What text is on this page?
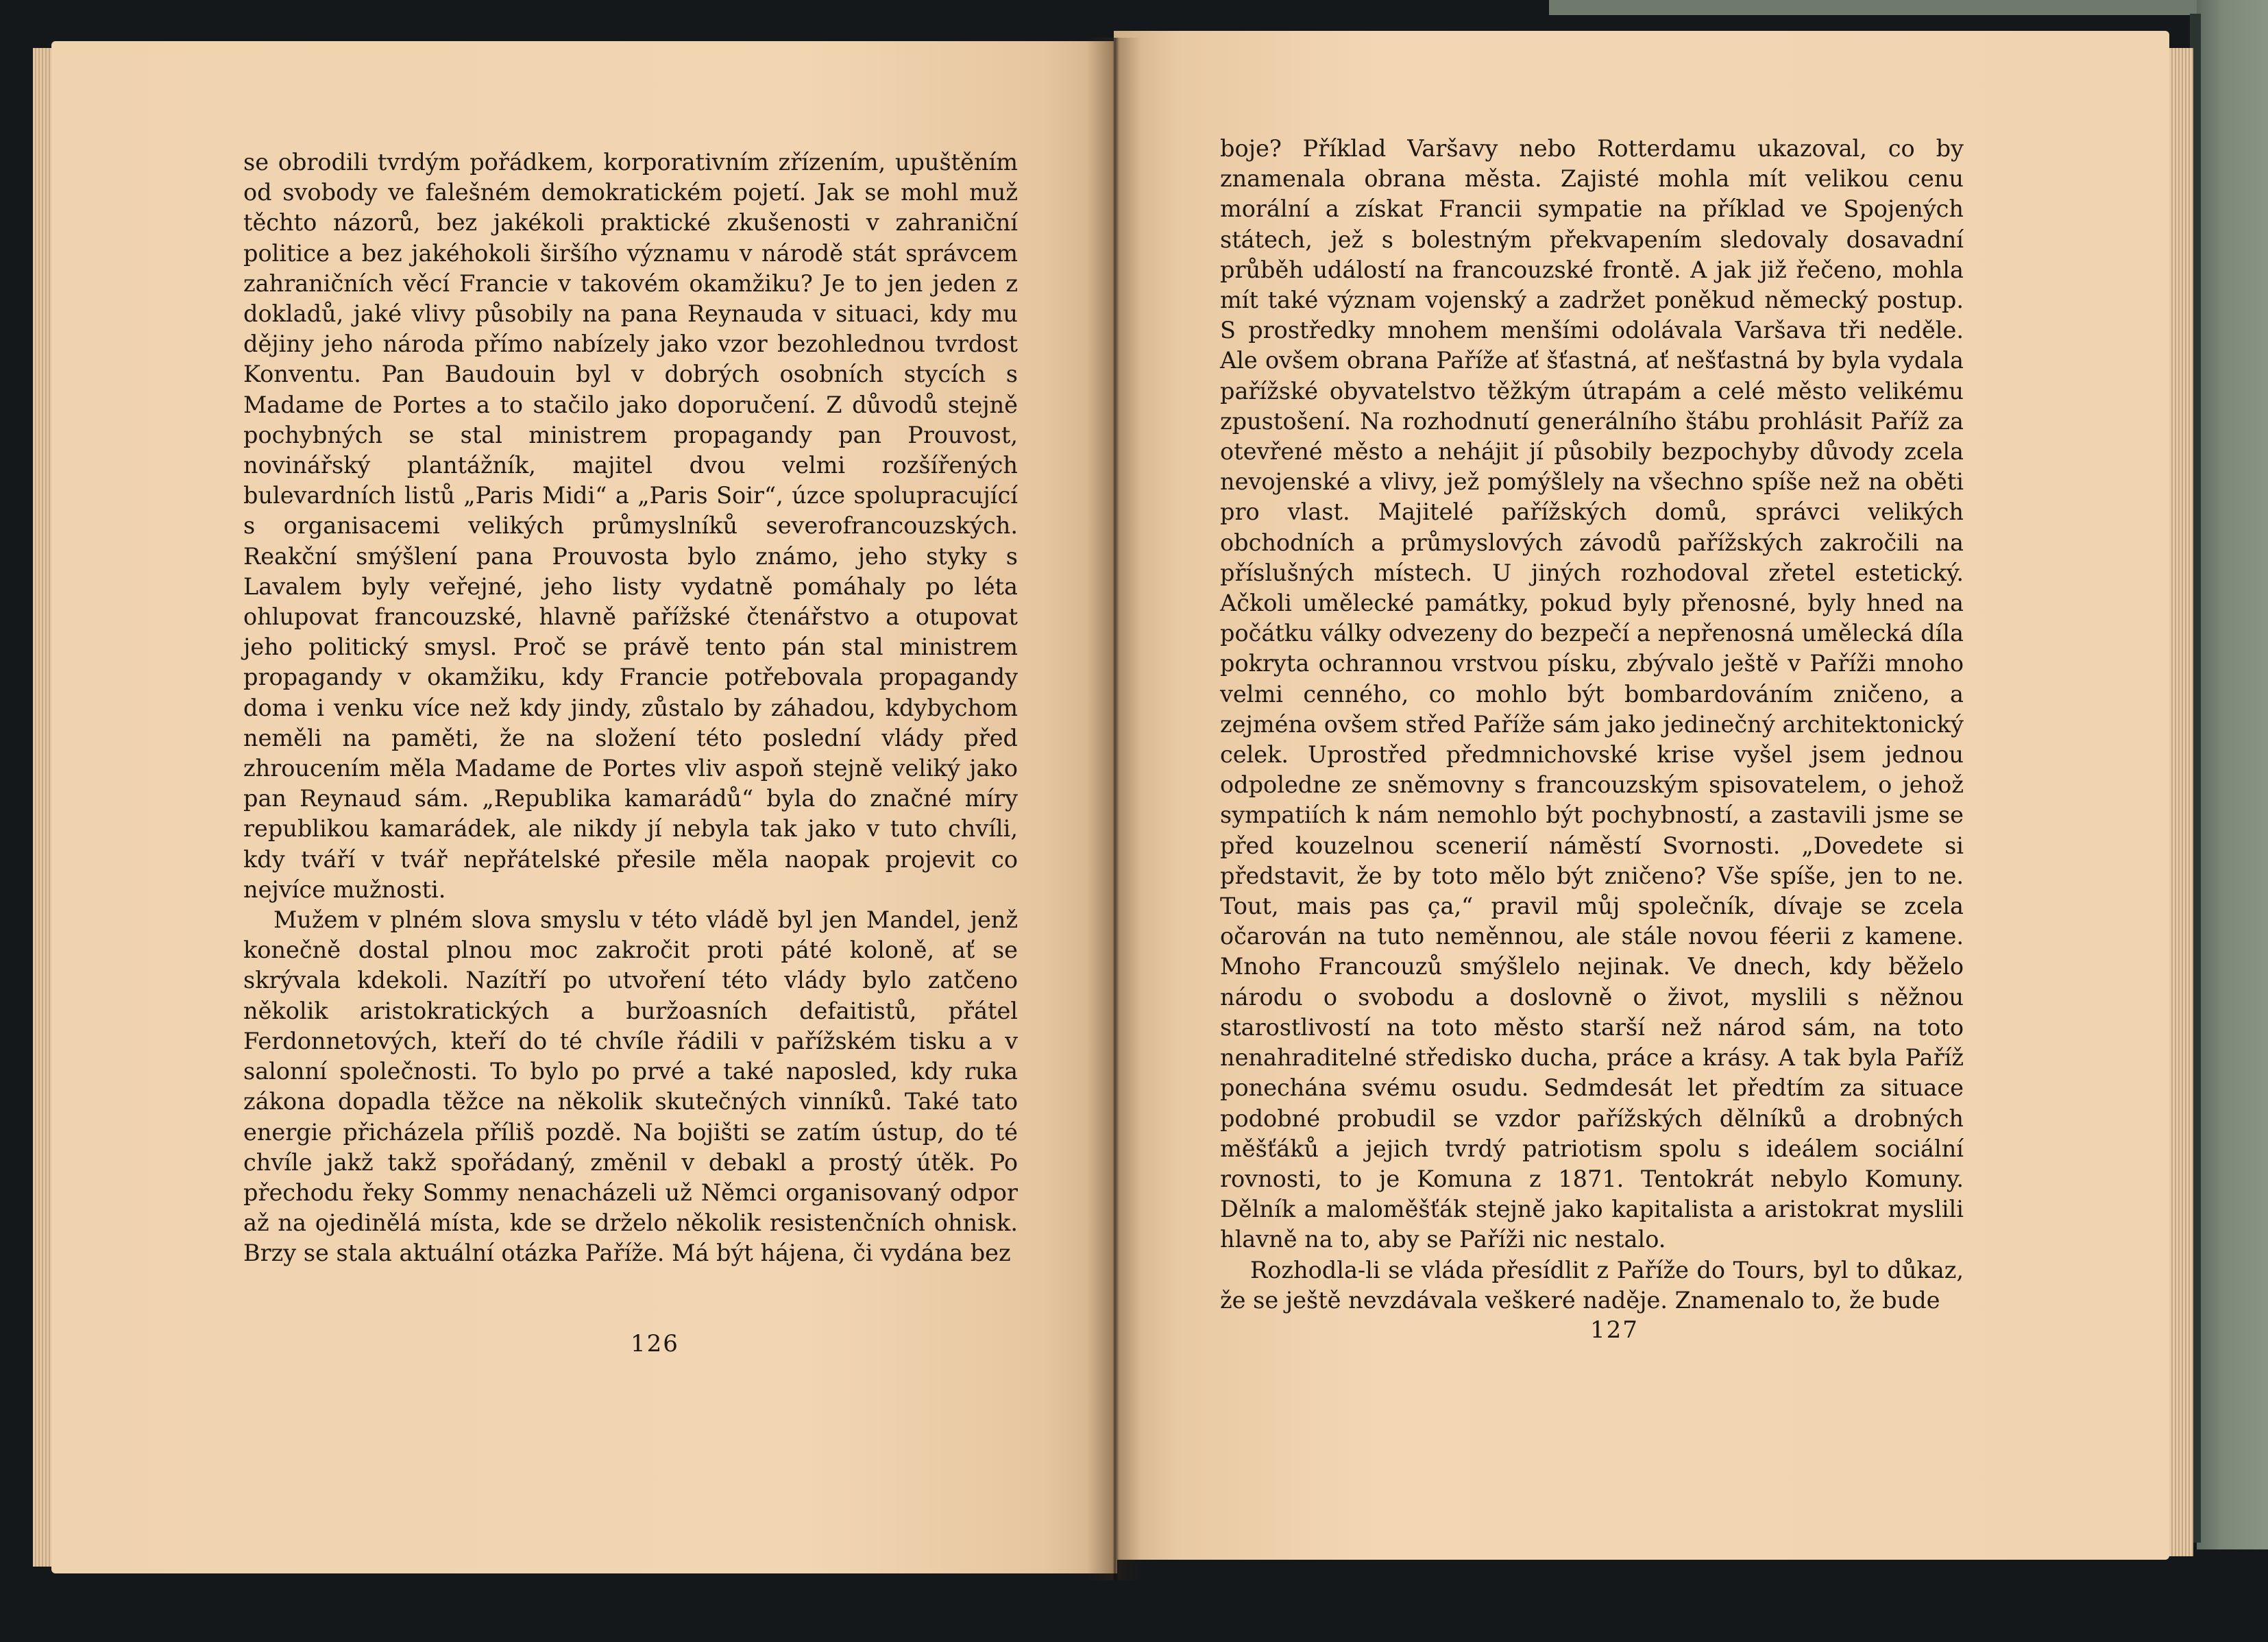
se obrodili tvrdým pořádkem, korporativním zřízením, upuštěním od svobody ve falešném demokratickém pojetí. Jak se mohl muž těchto názorů, bez jakékoli praktické zkušenosti v zahraniční politice a bez jakéhokoli širšího významu v národě stát správcem zahraničních věcí Francie v takovém okamžiku? Je to jen jeden z dokladů, jaké vlivy působily na pana Reynauda v situaci, kdy mu dějiny jeho národa přímo nabízely jako vzor bezohlednou tvrdost Konventu. Pan Baudouin byl v dobrých osobních stycích s Madame de Portes a to stačilo jako doporučení. Z důvodů stejně pochybných se stal ministrem propagandy pan Prouvost, novinářský plantážník, majitel dvou velmi rozšířených bulevardních listů „Paris Midi“ a „Paris Soir“, úzce spolupracující s organisacemi velikých průmyslníků severofrancouzských. Reakční smýšlení pana Prouvosta bylo známo, jeho styky s Lavalem byly veřejné, jeho listy vydatně pomáhaly po léta ohlupovat francouzské, hlavně pařížské čtenářstvo a otupovat jeho politický smysl. Proč se právě tento pán stal ministrem propagandy v okamžiku, kdy Francie potřebovala propagandy doma i venku více než kdy jindy, zůstalo by záhadou, kdybychom neměli na paměti, že na složení této poslední vlády před zhroucením měla Madame de Portes vliv aspoň stejně veliký jako pan Reynaud sám. „Republika kamarádů“ byla do značné míry republikou kamarádek, ale nikdy jí nebyla tak jako v tuto chvíli, kdy tváří v tvář nepřátelské přesile měla naopak projevit co nejvíce mužnosti.

Mužem v plném slova smyslu v této vládě byl jen Mandel, jenž konečně dostal plnou moc zakročit proti páté koloně, ať se skrývala kdekoli. Nazítří po utvoření této vlády bylo zatčeno několik aristokratických a buržoasních defaitistů, přátel Ferdonnetových, kteří do té chvíle řádili v pařížském tisku a v salonní společnosti. To bylo po prvé a také naposled, kdy ruka zákona dopadla těžce na několik skutečných vinníků. Také tato energie přicházela příliš pozdě. Na bojišti se zatím ústup, do té chvíle jakž takž spořádaný, změnil v debakl a prostý útěk. Po přechodu řeky Sommy nenacházeli už Němci organisovaný odpor až na ojedinělá místa, kde se drželo několik resistenčních ohnisk. Brzy se stala aktuální otázka Paříže. Má být hájena, či vydána bez

126

boje? Příklad Varšavy nebo Rotterdamu ukazoval, co by znamenala obrana města. Zajisté mohla mít velikou cenu morální a získat Francii sympatie na příklad ve Spojených státech, jež s bolestným překvapením sledovaly dosavadní průběh událostí na francouzské frontě. A jak již řečeno, mohla mít také význam vojenský a zadržet poněkud německý postup. S prostředky mnohem menšími odolávala Varšava tři neděle. Ale ovšem obrana Paříže ať šťastná, ať nešťastná by byla vydala pařížské obyvatelstvo těžkým útrapám a celé město velikému zpustošení. Na rozhodnutí generálního štábu prohlásit Paříž za otevřené město a nehájit jí působily bezpochyby důvody zcela nevojenské a vlivy, jež pomýšlely na všechno spíše než na oběti pro vlast. Majitelé pařížských domů, správci velikých obchodních a průmyslových závodů pařížských zakročili na příslušných místech. U jiných rozhodoval zřetel estetický. Ačkoli umělecké památky, pokud byly přenosné, byly hned na počátku války odvezeny do bezpečí a nepřenosná umělecká díla pokryta ochrannou vrstvou písku, zbývalo ještě v Paříži mnoho velmi cenného, co mohlo být bombardováním zničeno, a zejména ovšem střed Paříže sám jako jedinečný architektonický celek. Uprostřed předmnichovské krise vyšel jsem jednou odpoledne ze sněmovny s francouzským spisovatelem, o jehož sympatiích k nám nemohlo být pochybností, a zastavili jsme se před kouzelnou scenerií náměstí Svornosti. „Dovedete si představit, že by toto mělo být zničeno? Vše spíše, jen to ne. Tout, mais pas ça,“ pravil můj společník, dívaje se zcela očarován na tuto neměnnou, ale stále novou féerii z kamene. Mnoho Francouzů smýšlelo nejinak. Ve dnech, kdy běželo národu o svobodu a doslovně o život, myslili s něžnou starostlivostí na toto město starší než národ sám, na toto nenahraditelné středisko ducha, práce a krásy. A tak byla Paříž ponechána svému osudu. Sedmdesát let předtím za situace podobné probudil se vzdor pařížských dělníků a drobných měšťáků a jejich tvrdý patriotism spolu s ideálem sociální rovnosti, to je Komuna z 1871. Tentokrát nebylo Komuny. Dělník a maloměšťák stejně jako kapitalista a aristokrat myslili hlavně na to, aby se Paříži nic nestalo.

Rozhodla-li se vláda přesídlit z Paříže do Tours, byl to důkaz, že se ještě nevzdávala veškeré naděje. Znamenalo to, že bude

127
